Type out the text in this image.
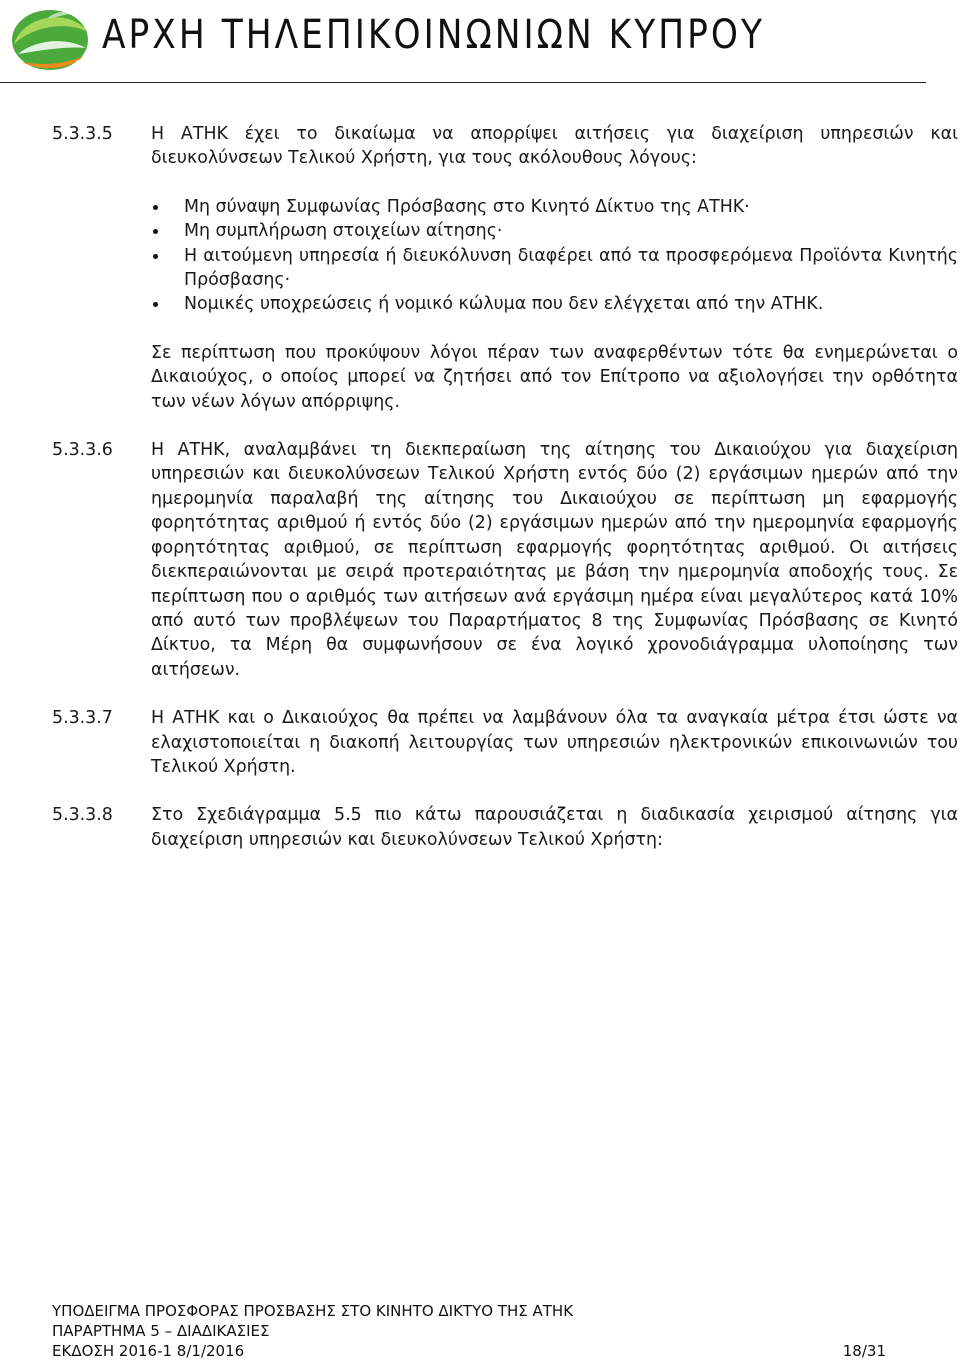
ΑΡΧΗ ΤΗΛΕΠΙΚΟΙΝΩΝΙΩΝ ΚΥΠΡΟΥ
5.3.3.5	Η ΑΤΗΚ έχει το δικαίωμα να απορρίψει αιτήσεις για διαχείριση υπηρεσιών και διευκολύνσεων Τελικού Χρήστη, για τους ακόλουθους λόγους:

Μη σύναψη Συμφωνίας Πρόσβασης στο Κινητό Δίκτυο της ΑΤΗΚ·
Μη συμπλήρωση στοιχείων αίτησης·
Η αιτούμενη υπηρεσία ή διευκόλυνση διαφέρει από τα προσφερόμενα Προϊόντα Κινητής Πρόσβασης·
Νομικές υποχρεώσεις ή νομικό κώλυμα που δεν ελέγχεται από την ΑΤΗΚ.

Σε περίπτωση που προκύψουν λόγοι πέραν των αναφερθέντων τότε θα ενημερώνεται ο Δικαιούχος, ο οποίος μπορεί να ζητήσει από τον Επίτροπο να αξιολογήσει την ορθότητα των νέων λόγων απόρριψης.

5.3.3.6	Η ΑΤΗΚ, αναλαμβάνει τη διεκπεραίωση της αίτησης του Δικαιούχου για διαχείριση υπηρεσιών και διευκολύνσεων Τελικού Χρήστη εντός δύο (2) εργάσιμων ημερών από την ημερομηνία παραλαβή της αίτησης του Δικαιούχου σε περίπτωση μη εφαρμογής φορητότητας αριθμού ή εντός δύο (2) εργάσιμων ημερών από την ημερομηνία εφαρμογής φορητότητας αριθμού, σε περίπτωση εφαρμογής φορητότητας αριθμού. Οι αιτήσεις διεκπεραιώνονται με σειρά προτεραιότητας με βάση την ημερομηνία αποδοχής τους. Σε περίπτωση που ο αριθμός των αιτήσεων ανά εργάσιμη ημέρα είναι μεγαλύτερος κατά 10% από αυτό των προβλέψεων του Παραρτήματος 8 της Συμφωνίας Πρόσβασης σε Κινητό Δίκτυο, τα Μέρη θα συμφωνήσουν σε ένα λογικό χρονοδιάγραμμα υλοποίησης των αιτήσεων.

5.3.3.7	Η ΑΤΗΚ και ο Δικαιούχος θα πρέπει να λαμβάνουν όλα τα αναγκαία μέτρα έτσι ώστε να ελαχιστοποιείται η διακοπή λειτουργίας των υπηρεσιών ηλεκτρονικών επικοινωνιών του Τελικού Χρήστη.

5.3.3.8	Στο Σχεδιάγραμμα 5.5 πιο κάτω παρουσιάζεται η διαδικασία χειρισμού αίτησης για διαχείριση υπηρεσιών και διευκολύνσεων Τελικού Χρήστη:

ΥΠΟΔΕΙΓΜΑ ΠΡΟΣΦΟΡΑΣ ΠΡΟΣΒΑΣΗΣ ΣΤΟ ΚΙΝΗΤΟ ΔΙΚΤΥΟ ΤΗΣ ΑΤΗΚ
ΠΑΡΑΡΤΗΜΑ 5 – ΔΙΑΔΙΚΑΣΙΕΣ
ΕΚΔΟΣΗ 2016-1 8/1/2016	18/31
